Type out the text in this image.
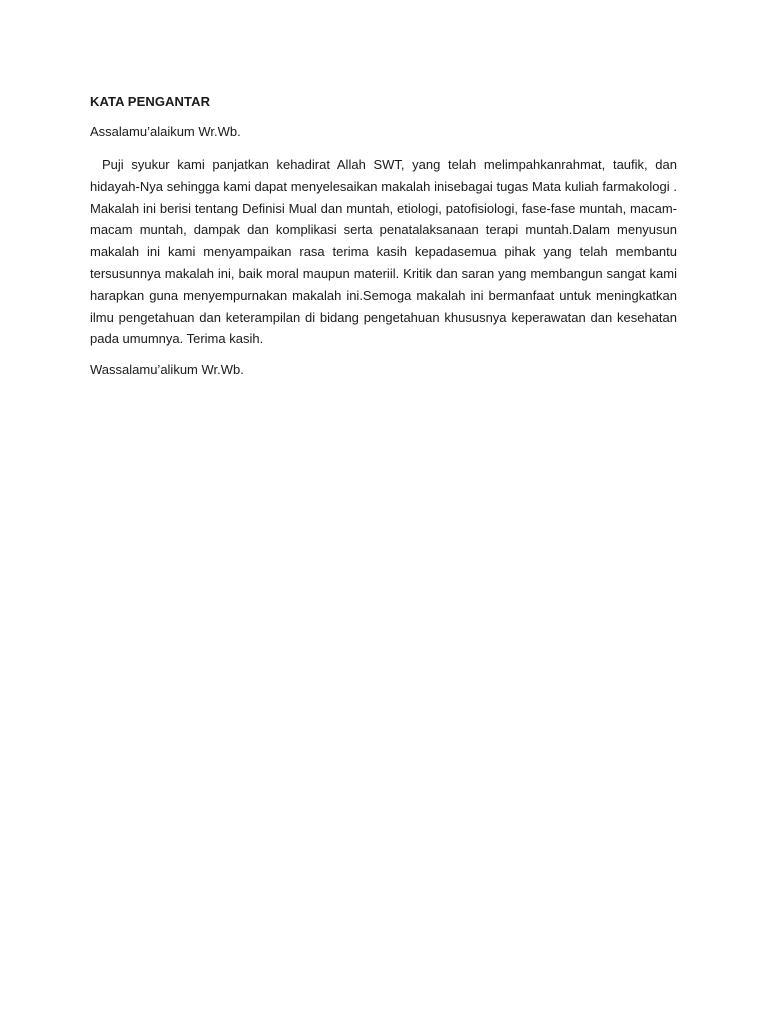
KATA PENGANTAR
Assalamu’alaikum Wr.Wb.

Puji syukur kami panjatkan kehadirat Allah SWT, yang telah melimpahkanrahmat, taufik, dan hidayah-Nya sehingga kami dapat menyelesaikan makalah inisebagai tugas Mata kuliah farmakologi . Makalah ini berisi tentang Definisi Mual dan muntah, etiologi, patofisiologi, fase-fase muntah, macam-macam muntah, dampak dan komplikasi serta penatalaksanaan terapi muntah.Dalam menyusun makalah ini kami menyampaikan rasa terima kasih kepadasemua pihak yang telah membantu tersusunnya makalah ini, baik moral maupun materiil. Kritik dan saran yang membangun sangat kami harapkan guna menyempurnakan makalah ini.Semoga makalah ini bermanfaat untuk meningkatkan ilmu pengetahuan dan keterampilan di bidang pengetahuan khususnya keperawatan dan kesehatan pada umumnya. Terima kasih.

Wassalamu’alikum Wr.Wb.
